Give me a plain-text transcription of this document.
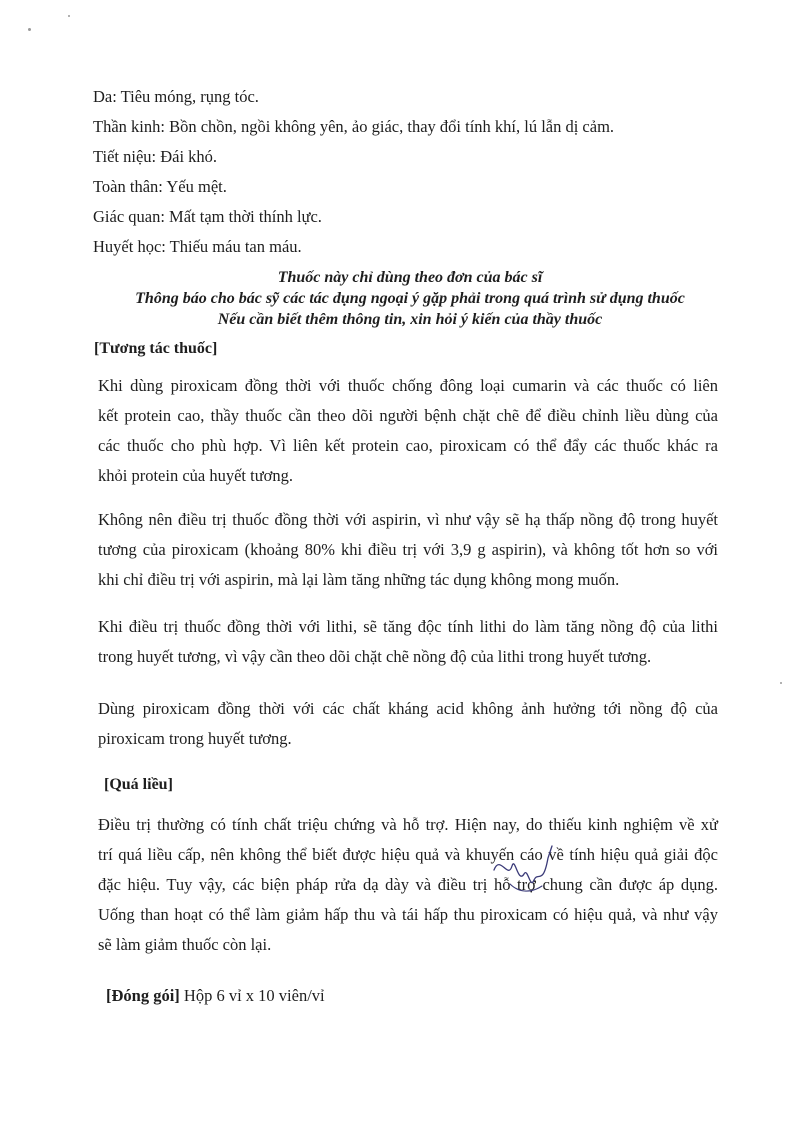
Da: Tiêu móng, rụng tóc.
Thần kinh: Bồn chồn, ngồi không yên, ảo giác, thay đổi tính khí, lú lẫn dị cảm.
Tiết niệu: Đái khó.
Toàn thân: Yếu mệt.
Giác quan: Mất tạm thời thính lực.
Huyết học: Thiếu máu tan máu.
Thuốc này chỉ dùng theo đơn của bác sĩ
Thông báo cho bác sỹ các tác dụng ngoại ý gặp phải trong quá trình sử dụng thuốc
Nếu cần biết thêm thông tin, xin hỏi ý kiến của thầy thuốc
[Tương tác thuốc]
Khi dùng piroxicam đồng thời với thuốc chống đông loại cumarin và các thuốc có liên
kết protein cao, thầy thuốc cần theo dõi người bệnh chặt chẽ để điều chỉnh liều dùng của
các thuốc cho phù hợp. Vì liên kết protein cao, piroxicam có thể đẩy các thuốc khác ra
khỏi protein của huyết tương.
Không nên điều trị thuốc đồng thời với aspirin, vì như vậy sẽ hạ thấp nồng độ trong huyết
tương của piroxicam (khoảng 80% khi điều trị với 3,9 g aspirin), và không tốt hơn so với
khi chỉ điều trị với aspirin, mà lại làm tăng những tác dụng không mong muốn.
Khi điều trị thuốc đồng thời với lithi, sẽ tăng độc tính lithi do làm tăng nồng độ của lithi
trong huyết tương, vì vậy cần theo dõi chặt chẽ nồng độ của lithi trong huyết tương.
Dùng piroxicam đồng thời với các chất kháng acid không ảnh hưởng tới nồng độ của
piroxicam trong huyết tương.
[Quá liều]
Điều trị thường có tính chất triệu chứng và hỗ trợ. Hiện nay, do thiếu kinh nghiệm về xử
trí quá liều cấp, nên không thể biết được hiệu quả và khuyến cáo về tính hiệu quả giải độc
đặc hiệu. Tuy vậy, các biện pháp rửa dạ dày và điều trị hỗ trợ chung cần được áp dụng.
Uống than hoạt có thể làm giảm hấp thu và tái hấp thu piroxicam có hiệu quả, và như vậy
sẽ làm giảm thuốc còn lại.
[Đóng gói] Hộp 6 vỉ x 10 viên/vỉ
